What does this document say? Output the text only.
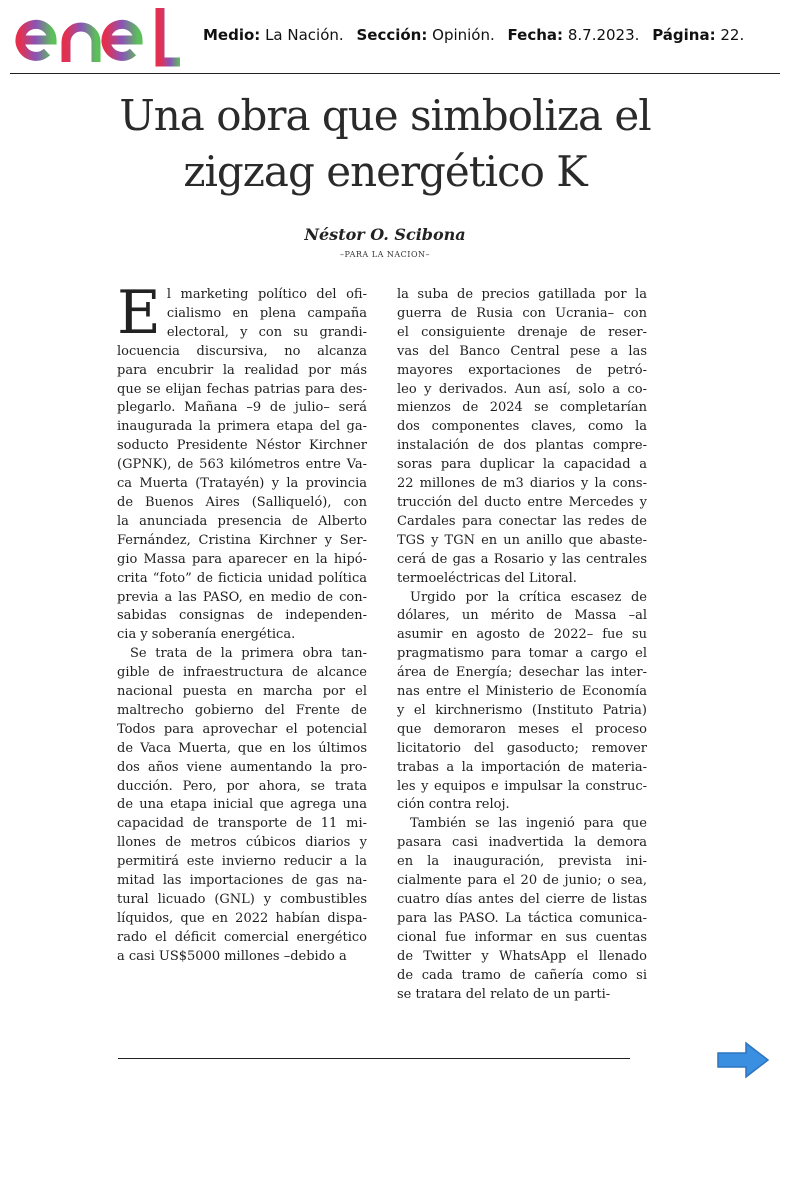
Medio: La Nación. Sección: Opinión. Fecha: 8.7.2023. Página: 22.
Una obra que simboliza el
zigzag energético K
Néstor O. Scibona
–PARA LA NACION–
E l marketing político del ofi-
cialismo en plena campaña
electoral, y con su grandi-
locuencia discursiva, no alcanza
para encubrir la realidad por más
que se elijan fechas patrias para des-
plegarlo. Mañana –9 de julio– será
inaugurada la primera etapa del ga-
soducto Presidente Néstor Kirchner
(GPNK), de 563 kilómetros entre Va-
ca Muerta (Tratayén) y la provincia
de Buenos Aires (Salliqueló), con
la anunciada presencia de Alberto
Fernández, Cristina Kirchner y Ser-
gio Massa para aparecer en la hipó-
crita “foto” de ficticia unidad política
previa a las PASO, en medio de con-
sabidas consignas de independen-
cia y soberanía energética.
Se trata de la primera obra tan-
gible de infraestructura de alcance
nacional puesta en marcha por el
maltrecho gobierno del Frente de
Todos para aprovechar el potencial
de Vaca Muerta, que en los últimos
dos años viene aumentando la pro-
ducción. Pero, por ahora, se trata
de una etapa inicial que agrega una
capacidad de transporte de 11 mi-
llones de metros cúbicos diarios y
permitirá este invierno reducir a la
mitad las importaciones de gas na-
tural licuado (GNL) y combustibles
líquidos, que en 2022 habían dispa-
rado el déficit comercial energético
a casi US$5000 millones –debido a
la suba de precios gatillada por la
guerra de Rusia con Ucrania– con
el consiguiente drenaje de reser-
vas del Banco Central pese a las
mayores exportaciones de petró-
leo y derivados. Aun así, solo a co-
mienzos de 2024 se completarían
dos componentes claves, como la
instalación de dos plantas compre-
soras para duplicar la capacidad a
22 millones de m3 diarios y la cons-
trucción del ducto entre Mercedes y
Cardales para conectar las redes de
TGS y TGN en un anillo que abaste-
cerá de gas a Rosario y las centrales
termoeléctricas del Litoral.
Urgido por la crítica escasez de
dólares, un mérito de Massa –al
asumir en agosto de 2022– fue su
pragmatismo para tomar a cargo el
área de Energía; desechar las inter-
nas entre el Ministerio de Economía
y el kirchnerismo (Instituto Patria)
que demoraron meses el proceso
licitatorio del gasoducto; remover
trabas a la importación de materia-
les y equipos e impulsar la construc-
ción contra reloj.
También se las ingenió para que
pasara casi inadvertida la demora
en la inauguración, prevista ini-
cialmente para el 20 de junio; o sea,
cuatro días antes del cierre de listas
para las PASO. La táctica comunica-
cional fue informar en sus cuentas
de Twitter y WhatsApp el llenado
de cada tramo de cañería como si
se tratara del relato de un parti-
